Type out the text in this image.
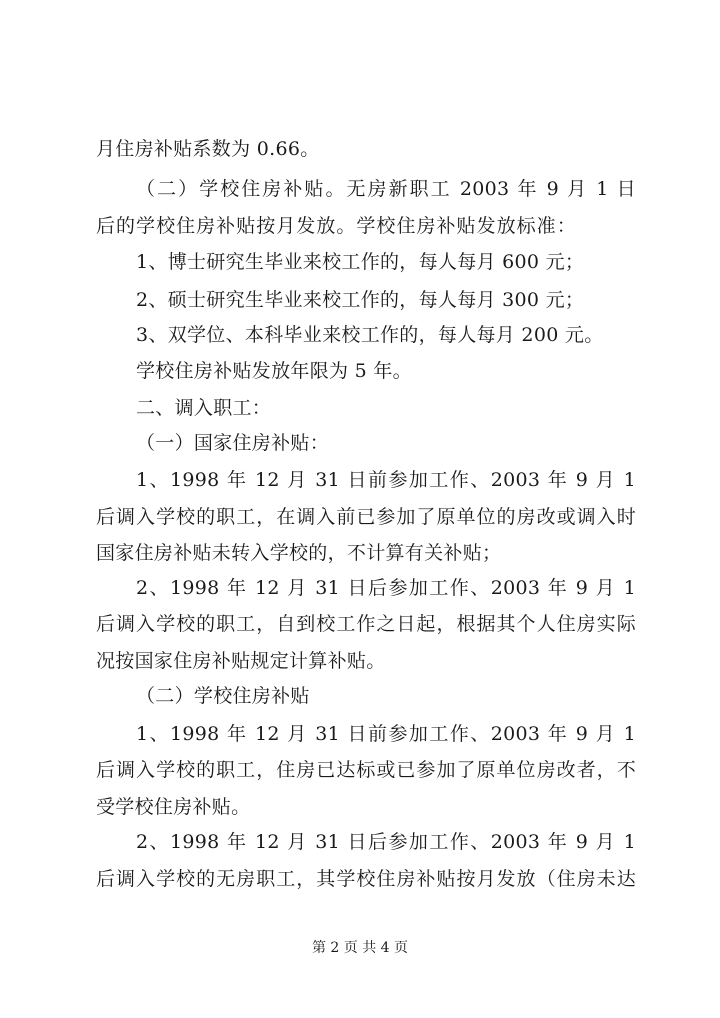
月住房补贴系数为 0.66。
（二）学校住房补贴。无房新职工 2003 年 9 月 1 日
后的学校住房补贴按月发放。学校住房补贴发放标准：
1、博士研究生毕业来校工作的，每人每月 600 元；
2、硕士研究生毕业来校工作的，每人每月 300 元；
3、双学位、本科毕业来校工作的，每人每月 200 元。
学校住房补贴发放年限为 5 年。
二、调入职工：
（一）国家住房补贴：
1、1998 年 12 月 31 日前参加工作、2003 年 9 月 1
后调入学校的职工，在调入前已参加了原单位的房改或调入时
国家住房补贴未转入学校的，不计算有关补贴；
2、1998 年 12 月 31 日后参加工作、2003 年 9 月 1
后调入学校的职工，自到校工作之日起，根据其个人住房实际
况按国家住房补贴规定计算补贴。
（二）学校住房补贴
1、1998 年 12 月 31 日前参加工作、2003 年 9 月 1
后调入学校的职工，住房已达标或已参加了原单位房改者，不
受学校住房补贴。
2、1998 年 12 月 31 日后参加工作、2003 年 9 月 1
后调入学校的无房职工，其学校住房补贴按月发放（住房未达
第 2 页 共 4 页
